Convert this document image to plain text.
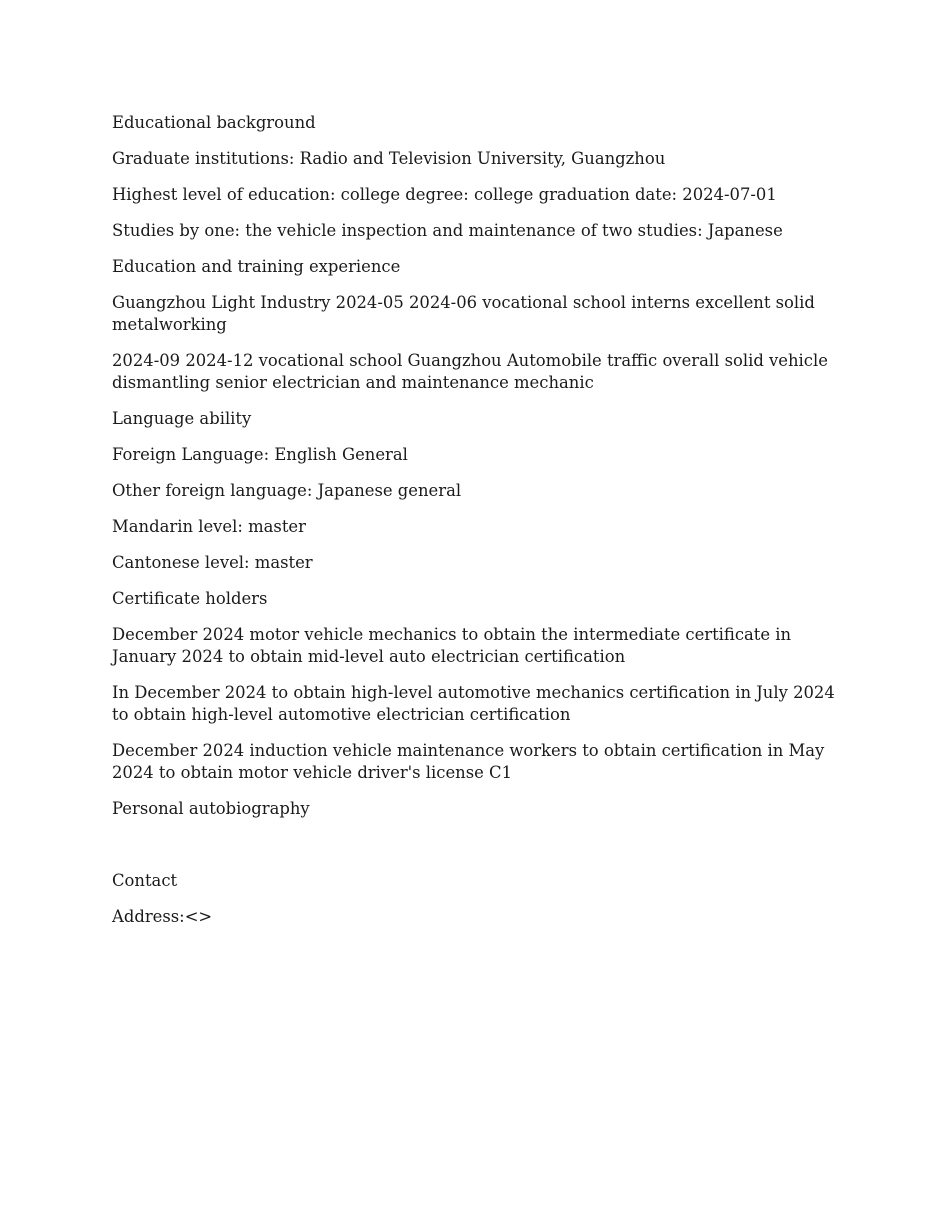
Educational background

Graduate institutions: Radio and Television University, Guangzhou

Highest level of education: college degree: college graduation date: 2024-07-01

Studies by one: the vehicle inspection and maintenance of two studies: Japanese

Education and training experience

Guangzhou Light Industry 2024-05 2024-06 vocational school interns excellent solid metalworking

2024-09 2024-12 vocational school Guangzhou Automobile traffic overall solid vehicle dismantling senior electrician and maintenance mechanic

Language ability

Foreign Language: English General

Other foreign language: Japanese general

Mandarin level: master

Cantonese level: master

Certificate holders

December 2024 motor vehicle mechanics to obtain the intermediate certificate in January 2024 to obtain mid-level auto electrician certification

In December 2024 to obtain high-level automotive mechanics certification in July 2024 to obtain high-level automotive electrician certification

December 2024 induction vehicle maintenance workers to obtain certification in May 2024 to obtain motor vehicle driver's license C1

Personal autobiography

Contact

Address:<>
